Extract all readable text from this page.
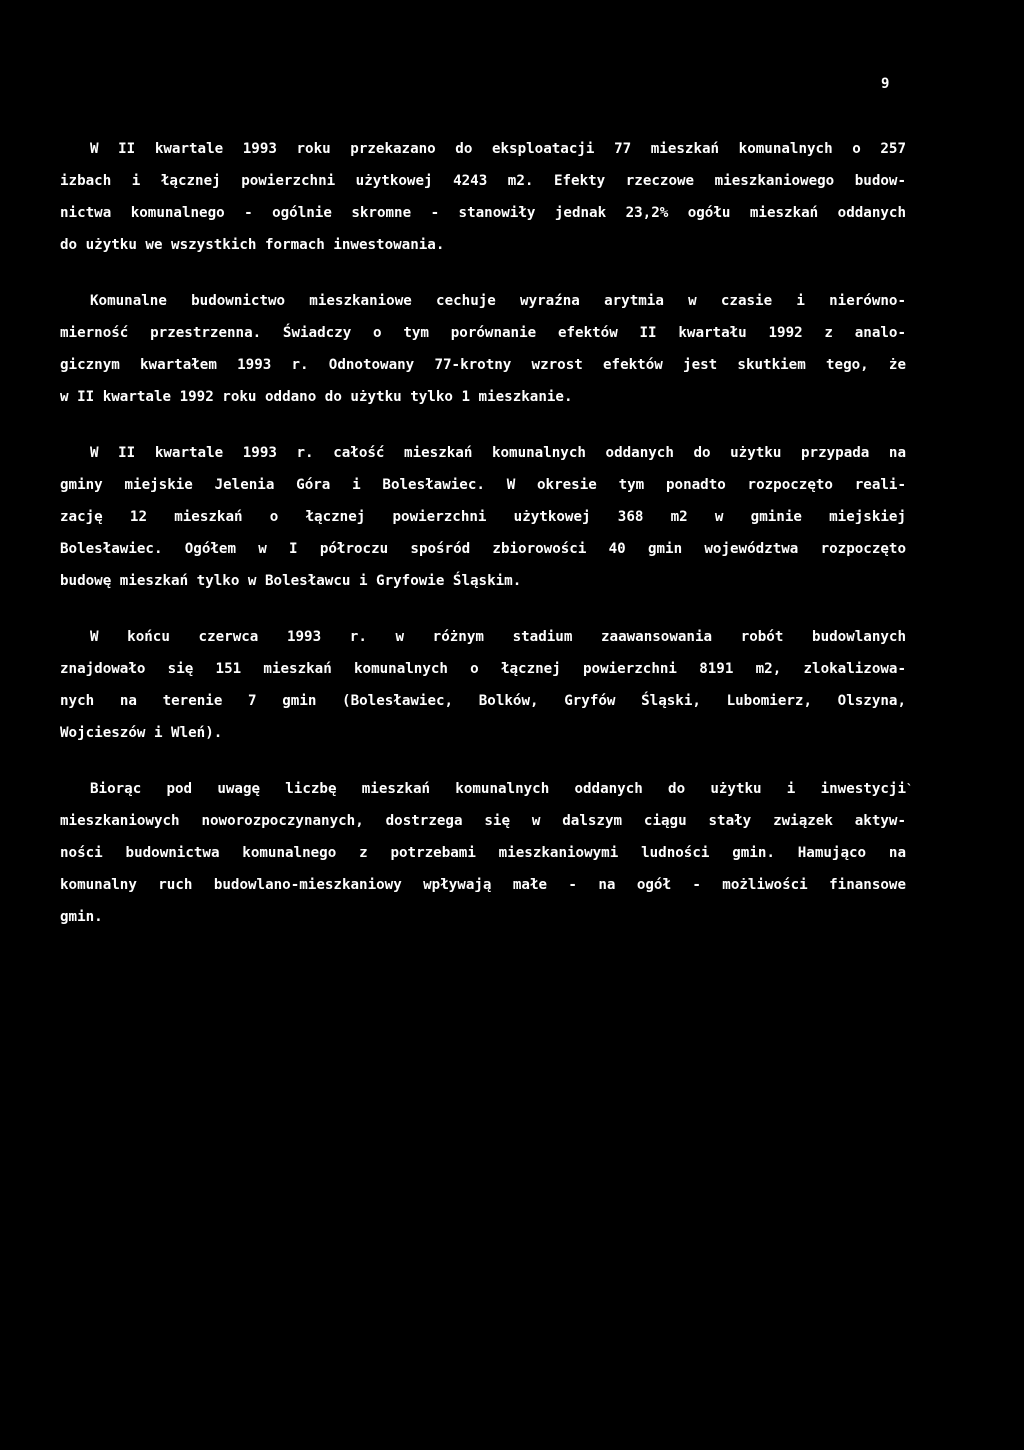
9
`
W II kwartale 1993 roku przekazano do eksploatacji 77 mieszkań komunalnych o 257
izbach i łącznej powierzchni użytkowej 4243 m2. Efekty rzeczowe mieszkaniowego budow-
nictwa komunalnego - ogólnie skromne - stanowiły jednak 23,2% ogółu mieszkań oddanych
do użytku we wszystkich formach inwestowania.
Komunalne budownictwo mieszkaniowe cechuje wyraźna arytmia w czasie i nierówno-
mierność przestrzenna. Świadczy o tym porównanie efektów II kwartału 1992 z analo-
gicznym kwartałem 1993 r. Odnotowany 77-krotny wzrost efektów jest skutkiem tego, że
w II kwartale 1992 roku oddano do użytku tylko 1 mieszkanie.
W II kwartale 1993 r. całość mieszkań komunalnych oddanych do użytku przypada na
gminy miejskie Jelenia Góra i Bolesławiec. W okresie tym ponadto rozpoczęto reali-
zację 12 mieszkań o łącznej powierzchni użytkowej 368 m2 w gminie miejskiej
Bolesławiec. Ogółem w I półroczu spośród zbiorowości 40 gmin województwa rozpoczęto
budowę mieszkań tylko w Bolesławcu i Gryfowie Śląskim.
W końcu czerwca 1993 r. w różnym stadium zaawansowania robót budowlanych
znajdowało się 151 mieszkań komunalnych o łącznej powierzchni 8191 m2, zlokalizowa-
nych na terenie 7 gmin (Bolesławiec, Bolków, Gryfów Śląski, Lubomierz, Olszyna,
Wojcieszów i Wleń).
Biorąc pod uwagę liczbę mieszkań komunalnych oddanych do użytku i inwestycji
mieszkaniowych noworozpoczynanych, dostrzega się w dalszym ciągu stały związek aktyw-
ności budownictwa komunalnego z potrzebami mieszkaniowymi ludności gmin. Hamująco na
komunalny ruch budowlano-mieszkaniowy wpływają małe - na ogół - możliwości finansowe
gmin.
